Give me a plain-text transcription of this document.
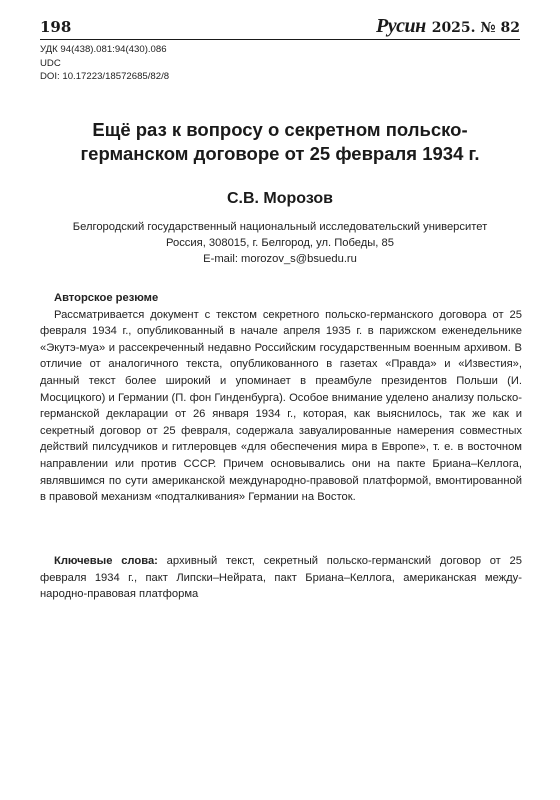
198	Русин 2025. № 82
УДК 94(438).081:94(430).086
UDC
DOI: 10.17223/18572685/82/8
Ещё раз к вопросу о секретном польско-германском договоре от 25 февраля 1934 г.
С.В. Морозов
Белгородский государственный национальный исследовательский университет
Россия, 308015, г. Белгород, ул. Победы, 85
E-mail: morozov_s@bsuedu.ru
Авторское резюме

Рассматривается документ с текстом секретного польско-германского договора от 25 февраля 1934 г., опубликованный в начале апреля 1935 г. в парижском еженедельнике «Экутэ-муа» и рассекреченный недавно Российским государственным военным архивом. В отличие от аналогичного текста, опубликованного в газетах «Правда» и «Известия», данный текст более широкий и упоминает в преамбуле президентов Польши (И. Мосцицкого) и Германии (П. фон Гинденбурга). Особое внимание уделено анализу польско-германской декларации от 26 января 1934 г., которая, как выяснилось, так же как и секретный договор от 25 февраля, содержала завуалированные намерения совместных действий пилсудчиков и гитлеровцев «для обеспечения мира в Европе», т. е. в восточном направлении или против СССР. Причем основывались они на пакте Бриана–Келлога, являвшимся по сути американской международно-правовой платформой, вмонтированной в правовой механизм «подталкивания» Германии на Восток.

Ключевые слова: архивный текст, секретный польско-германский договор от 25 февраля 1934 г., пакт Липски–Нейрата, пакт Бриана–Келлога, американская международно-правовая платформа
